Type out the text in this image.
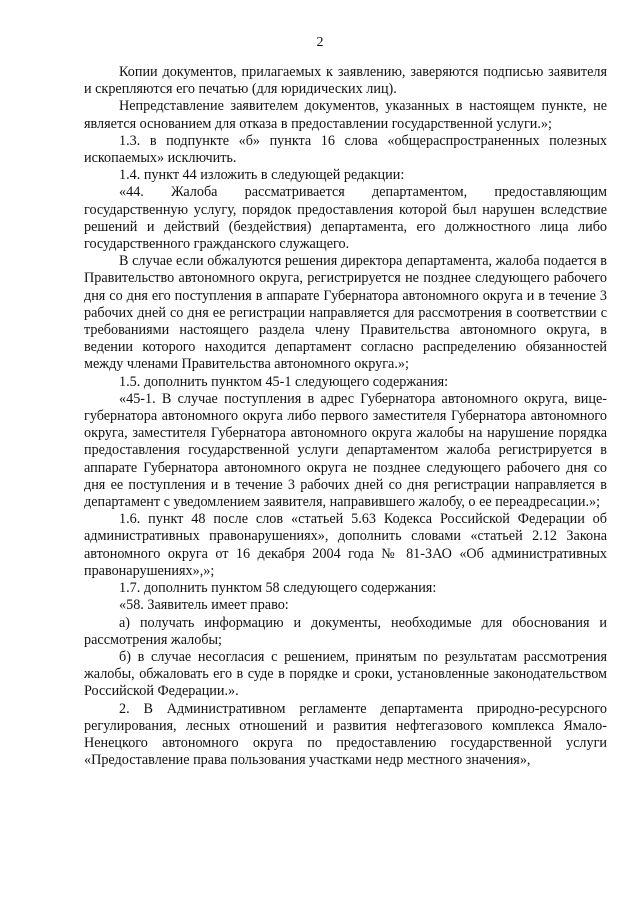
2

Копии документов, прилагаемых к заявлению, заверяются подписью заявителя и скрепляются его печатью (для юридических лиц).

Непредставление заявителем документов, указанных в настоящем пункте, не является основанием для отказа в предоставлении государственной услуги.»;

1.3. в подпункте «б» пункта 16 слова «общераспространенных полезных ископаемых» исключить.

1.4. пункт 44 изложить в следующей редакции:

«44. Жалоба рассматривается департаментом, предоставляющим государственную услугу, порядок предоставления которой был нарушен вследствие решений и действий (бездействия) департамента, его должностного лица либо государственного гражданского служащего.

В случае если обжалуются решения директора департамента, жалоба подается в Правительство автономного округа, регистрируется не позднее следующего рабочего дня со дня его поступления в аппарате Губернатора автономного округа и в течение 3 рабочих дней со дня ее регистрации направляется для рассмотрения в соответствии с требованиями настоящего раздела члену Правительства автономного округа, в ведении которого находится департамент согласно распределению обязанностей между членами Правительства автономного округа.»;

1.5. дополнить пунктом 45-1 следующего содержания:

«45-1. В случае поступления в адрес Губернатора автономного округа, вице-губернатора автономного округа либо первого заместителя Губернатора автономного округа, заместителя Губернатора автономного округа жалобы на нарушение порядка предоставления государственной услуги департаментом жалоба регистрируется в аппарате Губернатора автономного округа не позднее следующего рабочего дня со дня ее поступления и в течение 3 рабочих дней со дня регистрации направляется в департамент с уведомлением заявителя, направившего жалобу, о ее переадресации.»;

1.6. пункт 48 после слов «статьей 5.63 Кодекса Российской Федерации об административных правонарушениях», дополнить словами «статьей 2.12 Закона автономного округа от 16 декабря 2004 года № 81-ЗАО «Об административных правонарушениях»,»;

1.7. дополнить пунктом 58 следующего содержания:

«58. Заявитель имеет право:

а) получать информацию и документы, необходимые для обоснования и рассмотрения жалобы;

б) в случае несогласия с решением, принятым по результатам рассмотрения жалобы, обжаловать его в суде в порядке и сроки, установленные законодательством Российской Федерации.».

2. В Административном регламенте департамента природно-ресурсного регулирования, лесных отношений и развития нефтегазового комплекса Ямало-Ненецкого автономного округа по предоставлению государственной услуги «Предоставление права пользования участками недр местного значения»,
